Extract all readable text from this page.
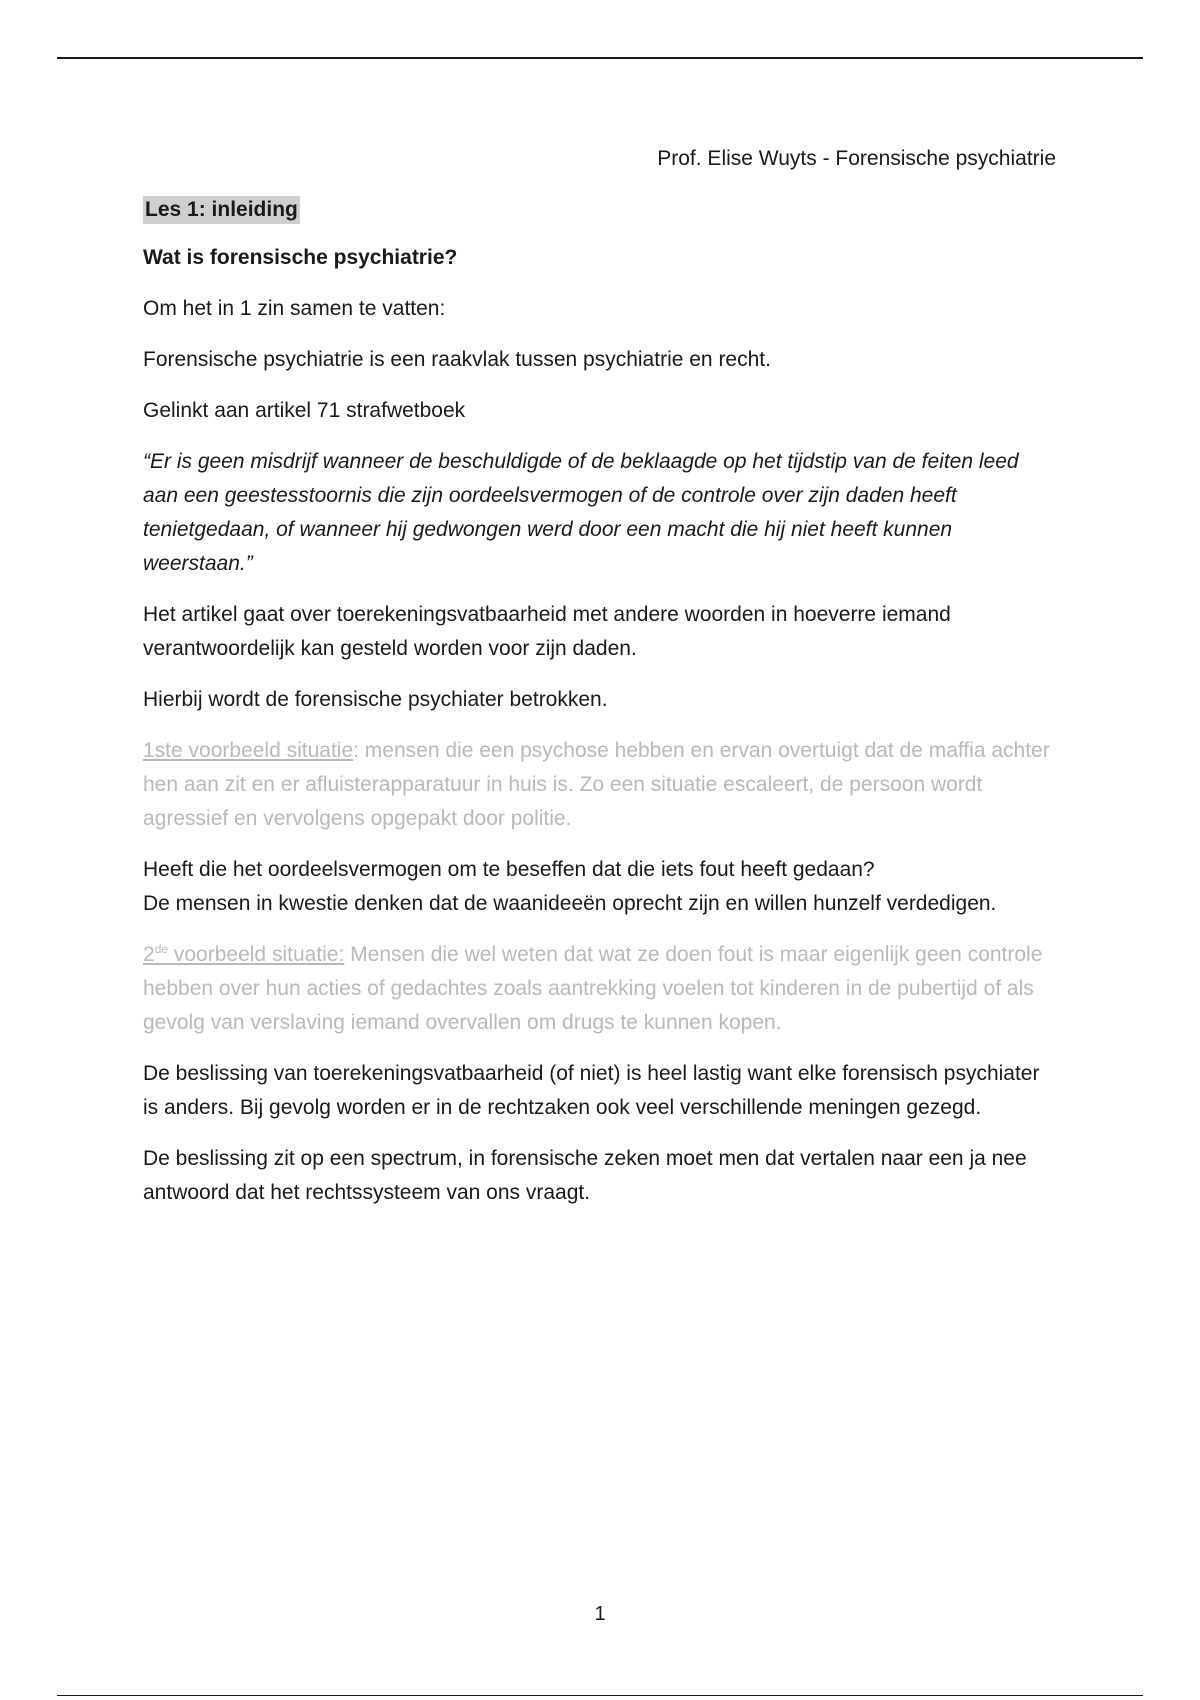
Prof. Elise Wuyts - Forensische psychiatrie
Les 1: inleiding

Wat is forensische psychiatrie?

Om het in 1 zin samen te vatten:

Forensische psychiatrie is een raakvlak tussen psychiatrie en recht.

Gelinkt aan artikel 71 strafwetboek

“Er is geen misdrijf wanneer de beschuldigde of de beklaagde op het tijdstip van de feiten leed aan een geestesstoornis die zijn oordeelsvermogen of de controle over zijn daden heeft tenietgedaan, of wanneer hij gedwongen werd door een macht die hij niet heeft kunnen weerstaan.”

Het artikel gaat over toerekeningsvatbaarheid met andere woorden in hoeverre iemand verantwoordelijk kan gesteld worden voor zijn daden.

Hierbij wordt de forensische psychiater betrokken.

1ste voorbeeld situatie: mensen die een psychose hebben en ervan overtuigt dat de maffia achter hen aan zit en er afluisterapparatuur in huis is. Zo een situatie escaleert, de persoon wordt agressief en vervolgens opgepakt door politie.

Heeft die het oordeelsvermogen om te beseffen dat die iets fout heeft gedaan?
De mensen in kwestie denken dat de waanideeën oprecht zijn en willen hunzelf verdedigen.

2de voorbeeld situatie: Mensen die wel weten dat wat ze doen fout is maar eigenlijk geen controle hebben over hun acties of gedachtes zoals aantrekking voelen tot kinderen in de pubertijd of als gevolg van verslaving iemand overvallen om drugs te kunnen kopen.

De beslissing van toerekeningsvatbaarheid (of niet) is heel lastig want elke forensisch psychiater is anders. Bij gevolg worden er in de rechtzaken ook veel verschillende meningen gezegd.

De beslissing zit op een spectrum, in forensische zeken moet men dat vertalen naar een ja nee antwoord dat het rechtssysteem van ons vraagt.

1
